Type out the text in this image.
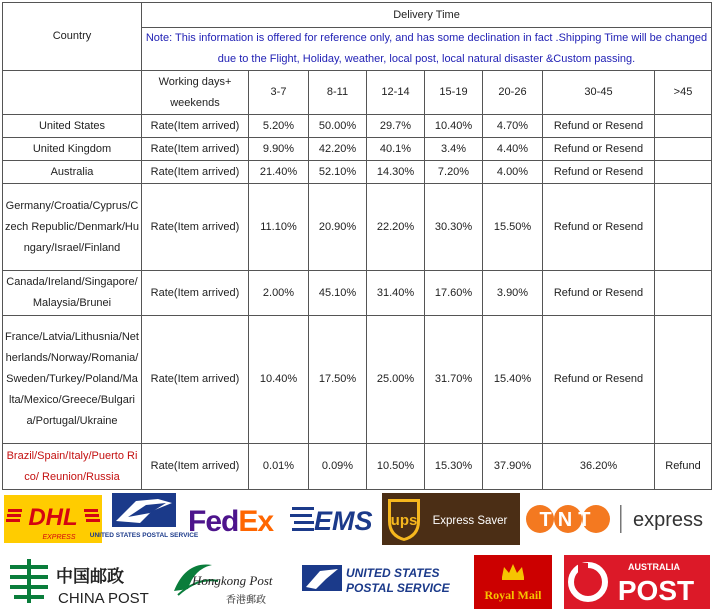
Country	Delivery Time							
	Note: This information is offered for reference only, and has some declination in fact .Shipping Time will be changed due to the Flight, Holiday, weather, local post, local natural disaster &Custom passing.							
	Working days+ weekends	3-7	8-11	12-14	15-19	20-26	30-45	>45
United States	Rate(Item arrived)	5.20%	50.00%	29.7%	10.40%	4.70%	Refund or Resend	
United Kingdom	Rate(Item arrived)	9.90%	42.20%	40.1%	3.4%	4.40%	Refund or Resend	
Australia	Rate(Item arrived)	21.40%	52.10%	14.30%	7.20%	4.00%	Refund or Resend	
Germany/Croatia/Cyprus/Czech Republic/Denmark/Hungary/Israel/Finland	Rate(Item arrived)	11.10%	20.90%	22.20%	30.30%	15.50%	Refund or Resend	
Canada/Ireland/Singapore/Malaysia/Brunei	Rate(Item arrived)	2.00%	45.10%	31.40%	17.60%	3.90%	Refund or Resend	
France/Latvia/Lithusnia/Netherlands/Norway/Romania/Sweden/Turkey/Poland/Malta/Mexico/Greece/Bulgaria/Portugal/Ukraine	Rate(Item arrived)	10.40%	17.50%	25.00%	31.70%	15.40%	Refund or Resend	
Brazil/Spain/Italy/Puerto Rico/ Reunion/Russia	Rate(Item arrived)	0.01%	0.09%	10.50%	15.30%	37.90%	36.20%	Refund
DHL
EXPRESS UNITED STATES POSTAL SERVICE
FedEx EMS ups Express Saver TNT express
中国邮政
CHINA POST
Hongkong Post
香港郵政
UNITED STATES
POSTAL SERVICE	Royal Mail
AUSTRALIA
POST
